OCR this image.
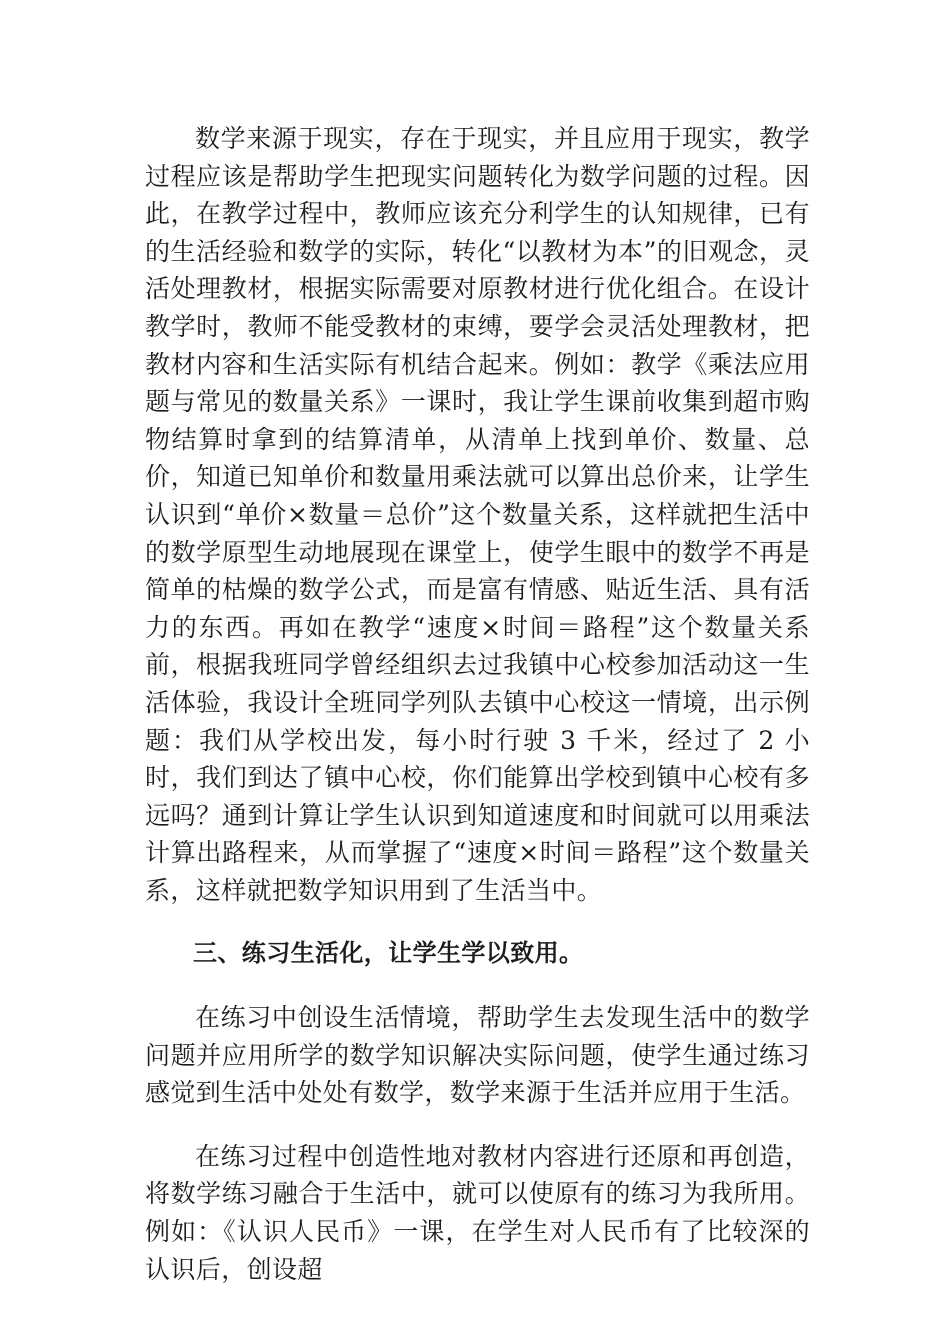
数学来源于现实，存在于现实，并且应用于现实，教学过程应该是帮助学生把现实问题转化为数学问题的过程。因此，在教学过程中，教师应该充分利学生的认知规律，已有的生活经验和数学的实际，转化“以教材为本”的旧观念，灵活处理教材，根据实际需要对原教材进行优化组合。在设计教学时，教师不能受教材的束缚，要学会灵活处理教材，把教材内容和生活实际有机结合起来。例如：教学《乘法应用题与常见的数量关系》一课时，我让学生课前收集到超市购物结算时拿到的结算清单，从清单上找到单价、数量、总价，知道已知单价和数量用乘法就可以算出总价来，让学生认识到“单价×数量＝总价”这个数量关系，这样就把生活中的数学原型生动地展现在课堂上，使学生眼中的数学不再是简单的枯燥的数学公式，而是富有情感、贴近生活、具有活力的东西。再如在教学“速度×时间＝路程”这个数量关系前，根据我班同学曾经组织去过我镇中心校参加活动这一生活体验，我设计全班同学列队去镇中心校这一情境，出示例题：我们从学校出发，每小时行驶 3 千米，经过了 2 小时，我们到达了镇中心校，你们能算出学校到镇中心校有多远吗？通到计算让学生认识到知道速度和时间就可以用乘法计算出路程来，从而掌握了“速度×时间＝路程”这个数量关系，这样就把数学知识用到了生活当中。

三、练习生活化，让学生学以致用。

在练习中创设生活情境，帮助学生去发现生活中的数学问题并应用所学的数学知识解决实际问题，使学生通过练习感觉到生活中处处有数学，数学来源于生活并应用于生活。

在练习过程中创造性地对教材内容进行还原和再创造，将数学练习融合于生活中，就可以使原有的练习为我所用。例如：《认识人民币》一课，在学生对人民币有了比较深的认识后，创设超
